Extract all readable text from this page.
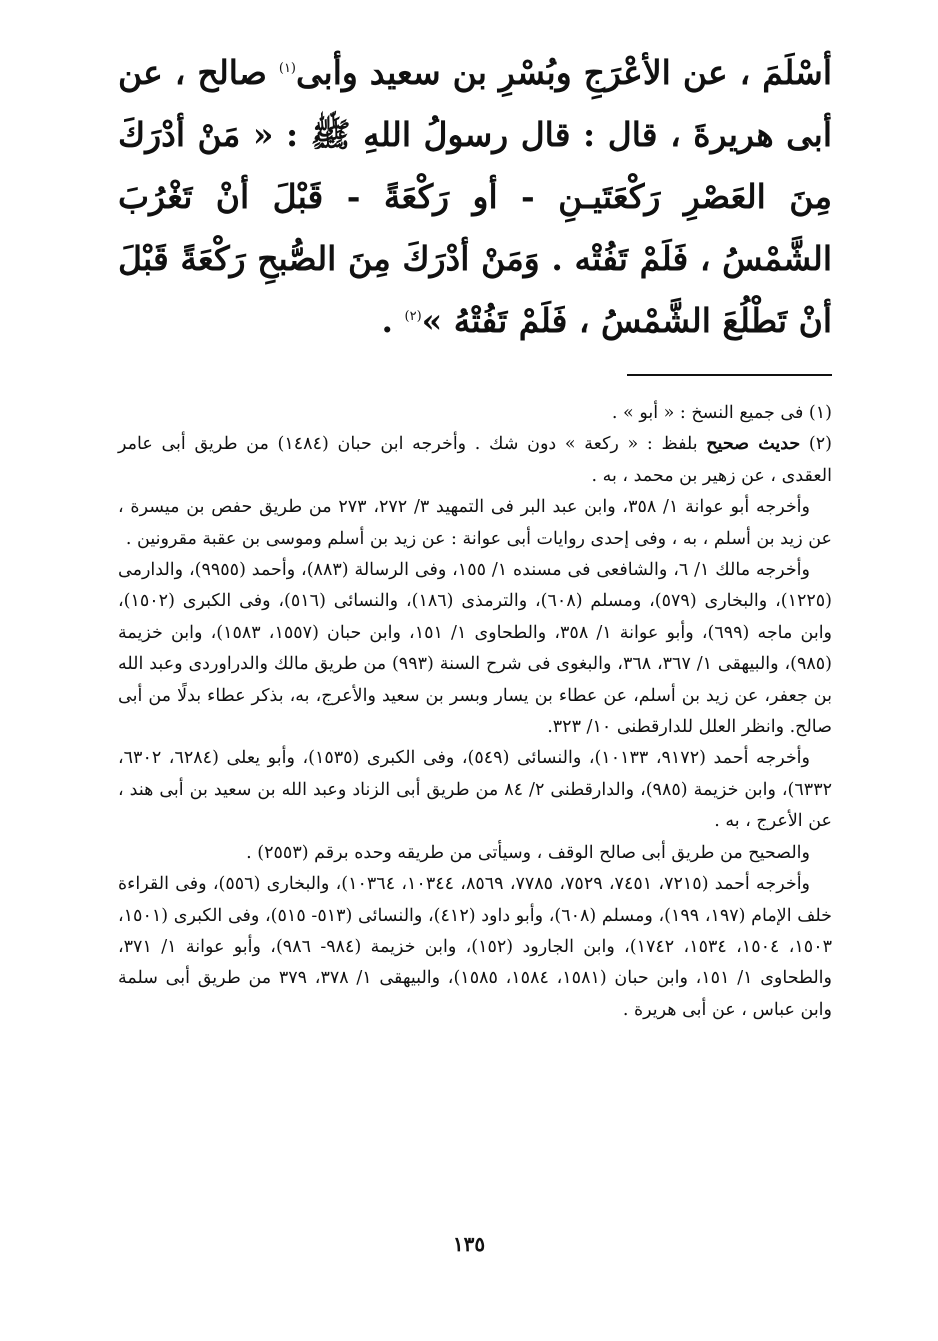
أسْلَمَ ، عن الأعْرَجِ وبُسْرِ بن سعيد وأبى$^{(١)}$ صالح ، عن أبى هريرةَ ، قال : قال رسولُ اللهِ ﷺ : « مَنْ أدْرَكَ مِنَ العَصْرِ رَكْعَتَيـنِ - أو رَكْعَةً - قَبْلَ أنْ تَغْرُبَ الشَّمْسُ ، فَلَمْ تَفُتْه . وَمَنْ أدْرَكَ مِنَ الصُّبحِ رَكْعَةً قَبْلَ أنْ تَطْلُعَ الشَّمْسُ ، فَلَمْ تَفُتْهُ »$^{(٢)}$ .

(١) فى جميع النسخ : « أبو » .

(٢) حديث صحيح بلفظ : « ركعة » دون شك . وأخرجه ابن حبان (١٤٨٤) من طريق أبى عامر العقدى ، عن زهير بن محمد ، به .

وأخرجه أبو عوانة ١/ ٣٥٨، وابن عبد البر فى التمهيد ٣/ ٢٧٢، ٢٧٣ من طريق حفص بن ميسرة ، عن زيد بن أسلم ، به ، وفى إحدى روايات أبى عوانة : عن زيد بن أسلم وموسى بن عقبة مقرونين .

وأخرجه مالك ١/ ٦، والشافعى فى مسنده ١/ ١٥٥، وفى الرسالة (٨٨٣)، وأحمد (٩٩٥٥)، والدارمى (١٢٢٥)، والبخارى (٥٧٩)، ومسلم (٦٠٨)، والترمذى (١٨٦)، والنسائى (٥١٦)، وفى الكبرى (١٥٠٢)، وابن ماجه (٦٩٩)، وأبو عوانة ١/ ٣٥٨، والطحاوى ١/ ١٥١، وابن حبان (١٥٥٧، ١٥٨٣)، وابن خزيمة (٩٨٥)، والبيهقى ١/ ٣٦٧، ٣٦٨، والبغوى فى شرح السنة (٩٩٣) من طريق مالك والدراوردى وعبد الله بن جعفر، عن زيد بن أسلم، عن عطاء بن يسار وبسر بن سعيد والأعرج، به، بذكر عطاء بدلًا من أبى صالح. وانظر العلل للدارقطنى ١٠/ ٣٢٣.

وأخرجه أحمد (٩١٧٢، ١٠١٣٣)، والنسائى (٥٤٩)، وفى الكبرى (١٥٣٥)، وأبو يعلى (٦٢٨٤، ٦٣٠٢، ٦٣٣٢)، وابن خزيمة (٩٨٥)، والدارقطنى ٢/ ٨٤ من طريق أبى الزناد وعبد الله بن سعيد بن أبى هند ، عن الأعرج ، به .

والصحيح من طريق أبى صالح الوقف ، وسيأتى من طريقه وحده برقم (٢٥٥٣) .

وأخرجه أحمد (٧٢١٥، ٧٤٥١، ٧٥٢٩، ٧٧٨٥، ٨٥٦٩، ١٠٣٤٤، ١٠٣٦٤)، والبخارى (٥٥٦)، وفى القراءة خلف الإمام (١٩٧، ١٩٩)، ومسلم (٦٠٨)، وأبو داود (٤١٢)، والنسائى (٥١٣- ٥١٥)، وفى الكبرى (١٥٠١، ١٥٠٣، ١٥٠٤، ١٥٣٤، ١٧٤٢)، وابن الجارود (١٥٢)، وابن خزيمة (٩٨٤- ٩٨٦)، وأبو عوانة ١/ ٣٧١، والطحاوى ١/ ١٥١، وابن حبان (١٥٨١، ١٥٨٤، ١٥٨٥)، والبيهقى ١/ ٣٧٨، ٣٧٩ من طريق أبى سلمة وابن عباس ، عن أبى هريرة .

١٣٥
